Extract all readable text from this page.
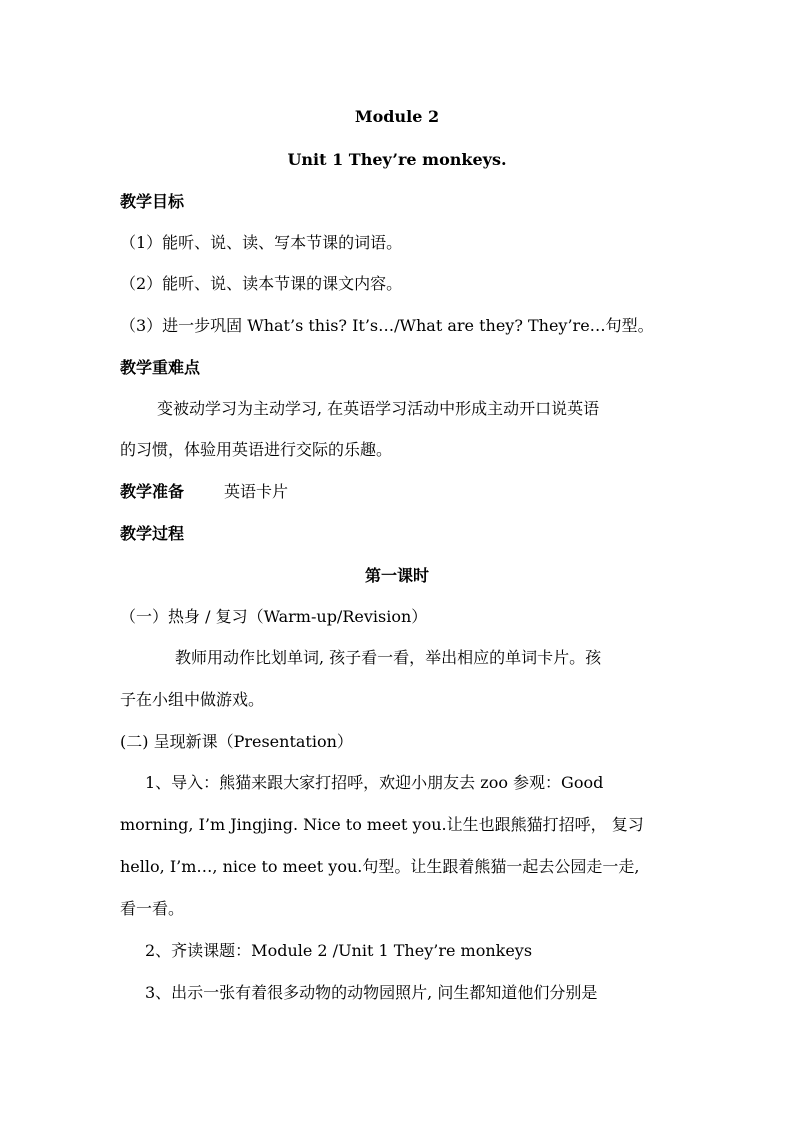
Module 2
Unit 1 They’re monkeys.
教学目标
（1）能听、说、读、写本节课的词语。
（2）能听、说、读本节课的课文内容。
（3）进一步巩固 What’s this? It’s…/What are they? They’re…句型。
教学重难点
变被动学习为主动学习, 在英语学习活动中形成主动开口说英语
的习惯，体验用英语进行交际的乐趣。
教学准备	英语卡片
教学过程
第一课时
（一）热身 / 复习（Warm-up/Revision）
教师用动作比划单词, 孩子看一看，举出相应的单词卡片。孩
子在小组中做游戏。
(二) 呈现新课（Presentation）
1、导入：熊猫来跟大家打招呼，欢迎小朋友去 zoo 参观：Good
morning, I’m Jingjing. Nice to meet you.让生也跟熊猫打招呼， 复习
hello, I’m…, nice to meet you.句型。让生跟着熊猫一起去公园走一走,
看一看。
2、齐读课题：Module 2 /Unit 1 They’re monkeys
3、出示一张有着很多动物的动物园照片, 问生都知道他们分别是
